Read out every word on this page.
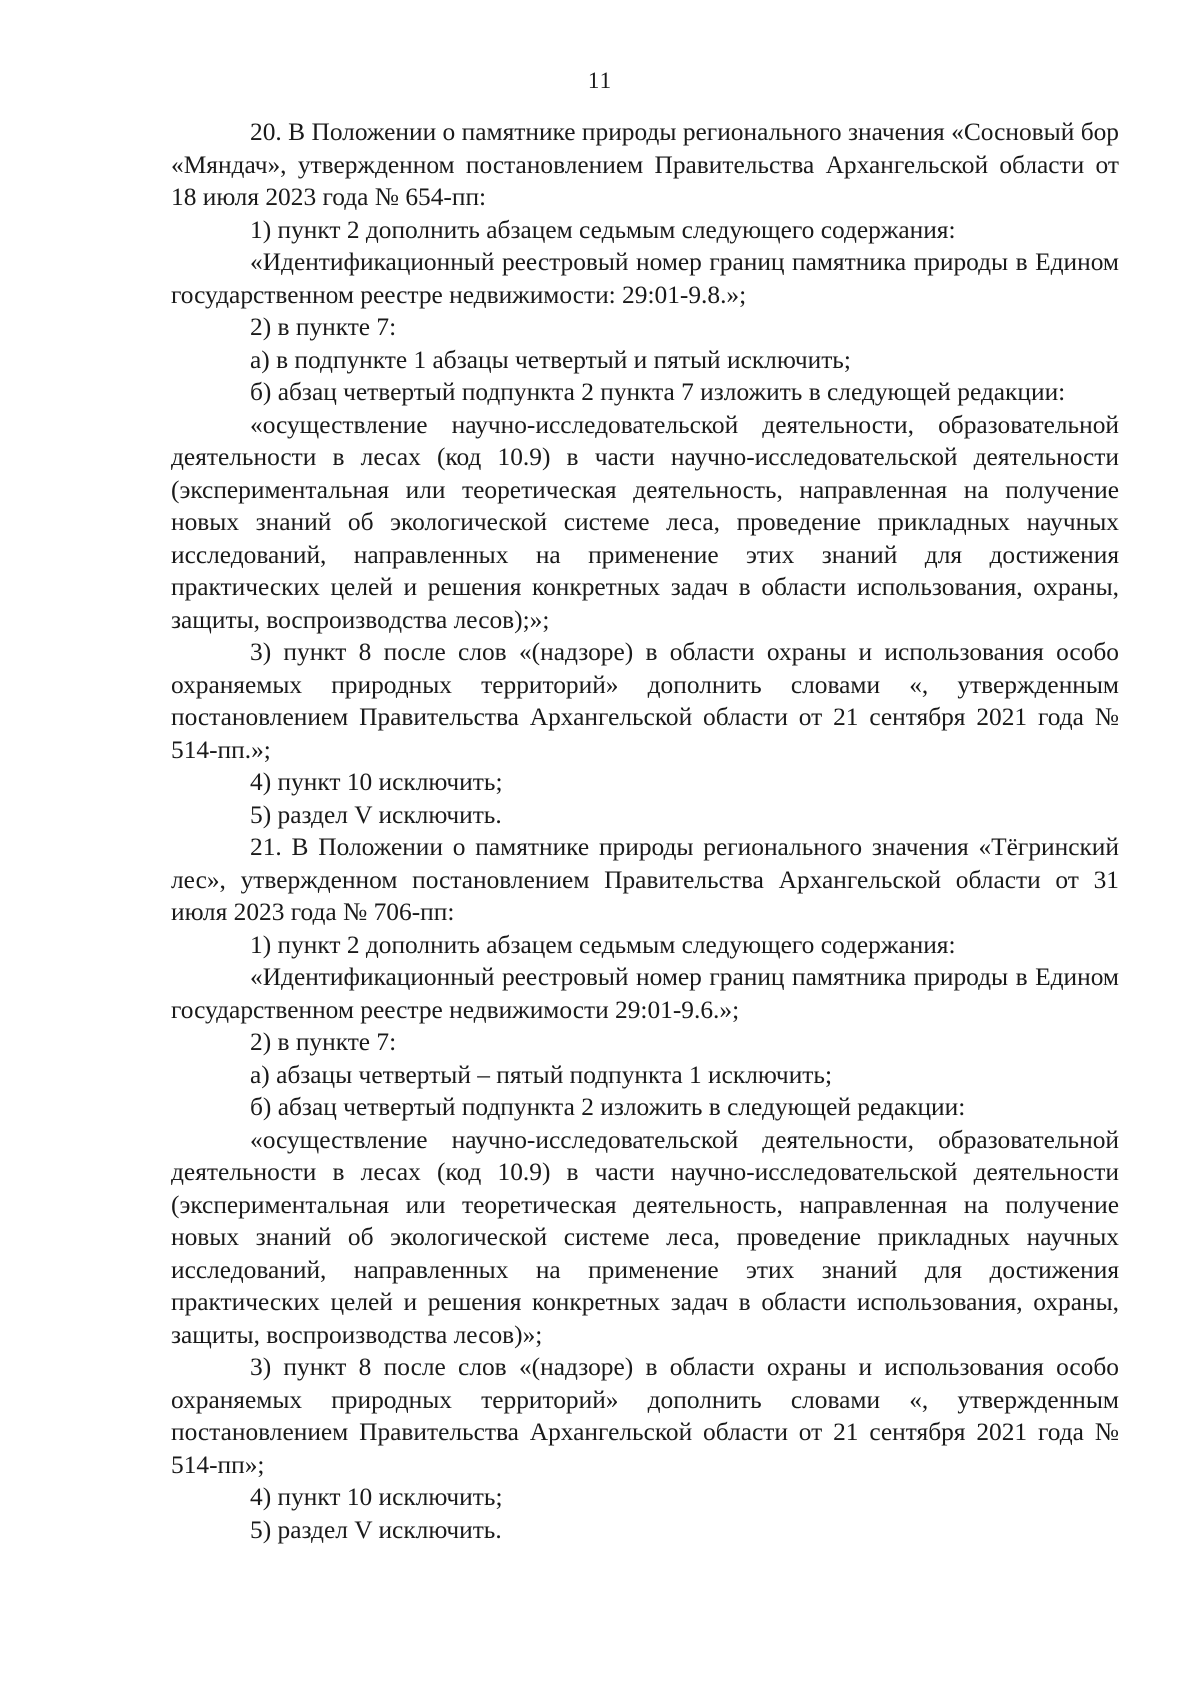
11

20. В Положении о памятнике природы регионального значения «Сосновый бор «Мяндач», утвержденном постановлением Правительства Архангельской области от 18 июля 2023 года № 654-пп:

1) пункт 2 дополнить абзацем седьмым следующего содержания:

«Идентификационный реестровый номер границ памятника природы в Едином государственном реестре недвижимости: 29:01-9.8.»;

2) в пункте 7:

а) в подпункте 1 абзацы четвертый и пятый исключить;

б) абзац четвертый подпункта 2 пункта 7 изложить в следующей редакции:

«осуществление научно-исследовательской деятельности, образовательной деятельности в лесах (код 10.9) в части научно-исследовательской деятельности (экспериментальная или теоретическая деятельность, направленная на получение новых знаний об экологической системе леса, проведение прикладных научных исследований, направленных на применение этих знаний для достижения практических целей и решения конкретных задач в области использования, охраны, защиты, воспроизводства лесов);»;

3) пункт 8 после слов «(надзоре) в области охраны и использования особо охраняемых природных территорий» дополнить словами «, утвержденным постановлением Правительства Архангельской области от 21 сентября 2021 года № 514-пп.»;

4) пункт 10 исключить;

5) раздел V исключить.

21. В Положении о памятнике природы регионального значения «Тёгринский лес», утвержденном постановлением Правительства Архангельской области от 31 июля 2023 года № 706-пп:

1) пункт 2 дополнить абзацем седьмым следующего содержания:

«Идентификационный реестровый номер границ памятника природы в Едином государственном реестре недвижимости 29:01-9.6.»;

2) в пункте 7:

а) абзацы четвертый – пятый подпункта 1 исключить;

б) абзац четвертый подпункта 2 изложить в следующей редакции:

«осуществление научно-исследовательской деятельности, образовательной деятельности в лесах (код 10.9) в части научно-исследовательской деятельности (экспериментальная или теоретическая деятельность, направленная на получение новых знаний об экологической системе леса, проведение прикладных научных исследований, направленных на применение этих знаний для достижения практических целей и решения конкретных задач в области использования, охраны, защиты, воспроизводства лесов)»;

3) пункт 8 после слов «(надзоре) в области охраны и использования особо охраняемых природных территорий» дополнить словами «, утвержденным постановлением Правительства Архангельской области от 21 сентября 2021 года № 514-пп»;

4) пункт 10 исключить;

5) раздел V исключить.
